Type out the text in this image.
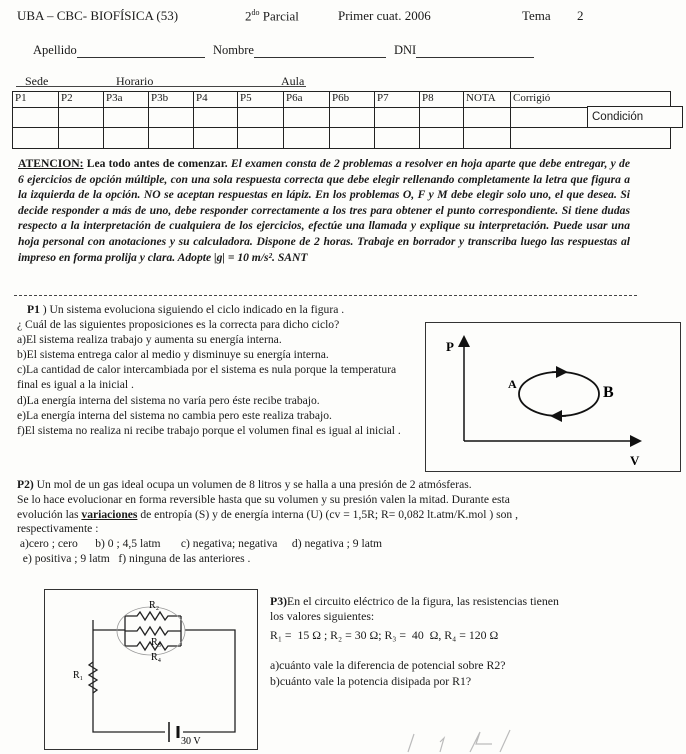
UBA – CBC- BIOFÍSICA (53)	$2^{do}$ Parcial	Primer cuat. 2006	Tema 2
Apellido	Nombre	DNI
Sede	Horario	Aula
P1	P2	P3a	P3b	P4	P5	P6a	P6b	P7	P8	NOTA	Corrigió

Condición
ATENCION: Lea todo antes de comenzar. El examen consta de 2 problemas a resolver en hoja aparte que debe entregar, y de 6 ejercicios de opción múltiple, con una sola respuesta correcta que debe elegir rellenando completamente la letra que figura a la izquierda de la opción. NO se aceptan respuestas en lápiz. En los problemas O, F y M debe elegir solo uno, el que desea. Si decide responder a más de uno, debe responder correctamente a los tres para obtener el punto correspondiente. Si tiene dudas respecto a la interpretación de cualquiera de los ejercicios, efectúe una llamada y explique su interpretación. Puede usar una hoja personal con anotaciones y su calculadora. Dispone de 2 horas. Trabaje en borrador y transcriba luego las respuestas al impreso en forma prolija y clara. Adopte |g| = 10 m/s². SANT
P1 ) Un sistema evoluciona siguiendo el ciclo indicado en la figura .
¿ Cuál de las siguientes proposiciones es la correcta para dicho ciclo?
a)El sistema realiza trabajo y aumenta su energía interna.
b)El sistema entrega calor al medio y disminuye su energía interna.
c)La cantidad de calor intercambiada por el sistema es nula porque la temperatura final es igual a la inicial .
d)La energía interna del sistema no varía pero éste recibe trabajo.
e)La energía interna del sistema no cambia pero este realiza trabajo.
f)El sistema no realiza ni recibe trabajo porque el volumen final es igual al inicial .
P
V
A	B
P2) Un mol de un gas ideal ocupa un volumen de 8 litros y se halla a una presión de 2 atmósferas.
Se lo hace evolucionar en forma reversible hasta que su volumen y su presión valen la mitad. Durante esta
evolución las variaciones de entropía (S) y de energía interna (U) (cv = 1,5R; R= 0,082 lt.atm/K.mol ) son ,
respectivamente :
a)cero ; cero      b) 0 ; 4,5 latm       c) negativa; negativa     d) negativa ; 9 latm
e) positiva ; 9 latm   f) ninguna de las anteriores .
R₂
R₃
R₄
R₁
30 V
P3)En el circuito eléctrico de la figura, las resistencias tienen
los valores siguientes:
R₁ =  15 Ω ; R₂ = 30 Ω; R₃ =  40  Ω, R₄ = 120 Ω
a)cuánto vale la diferencia de potencial sobre R2?
b)cuánto vale la potencia disipada por R1?
